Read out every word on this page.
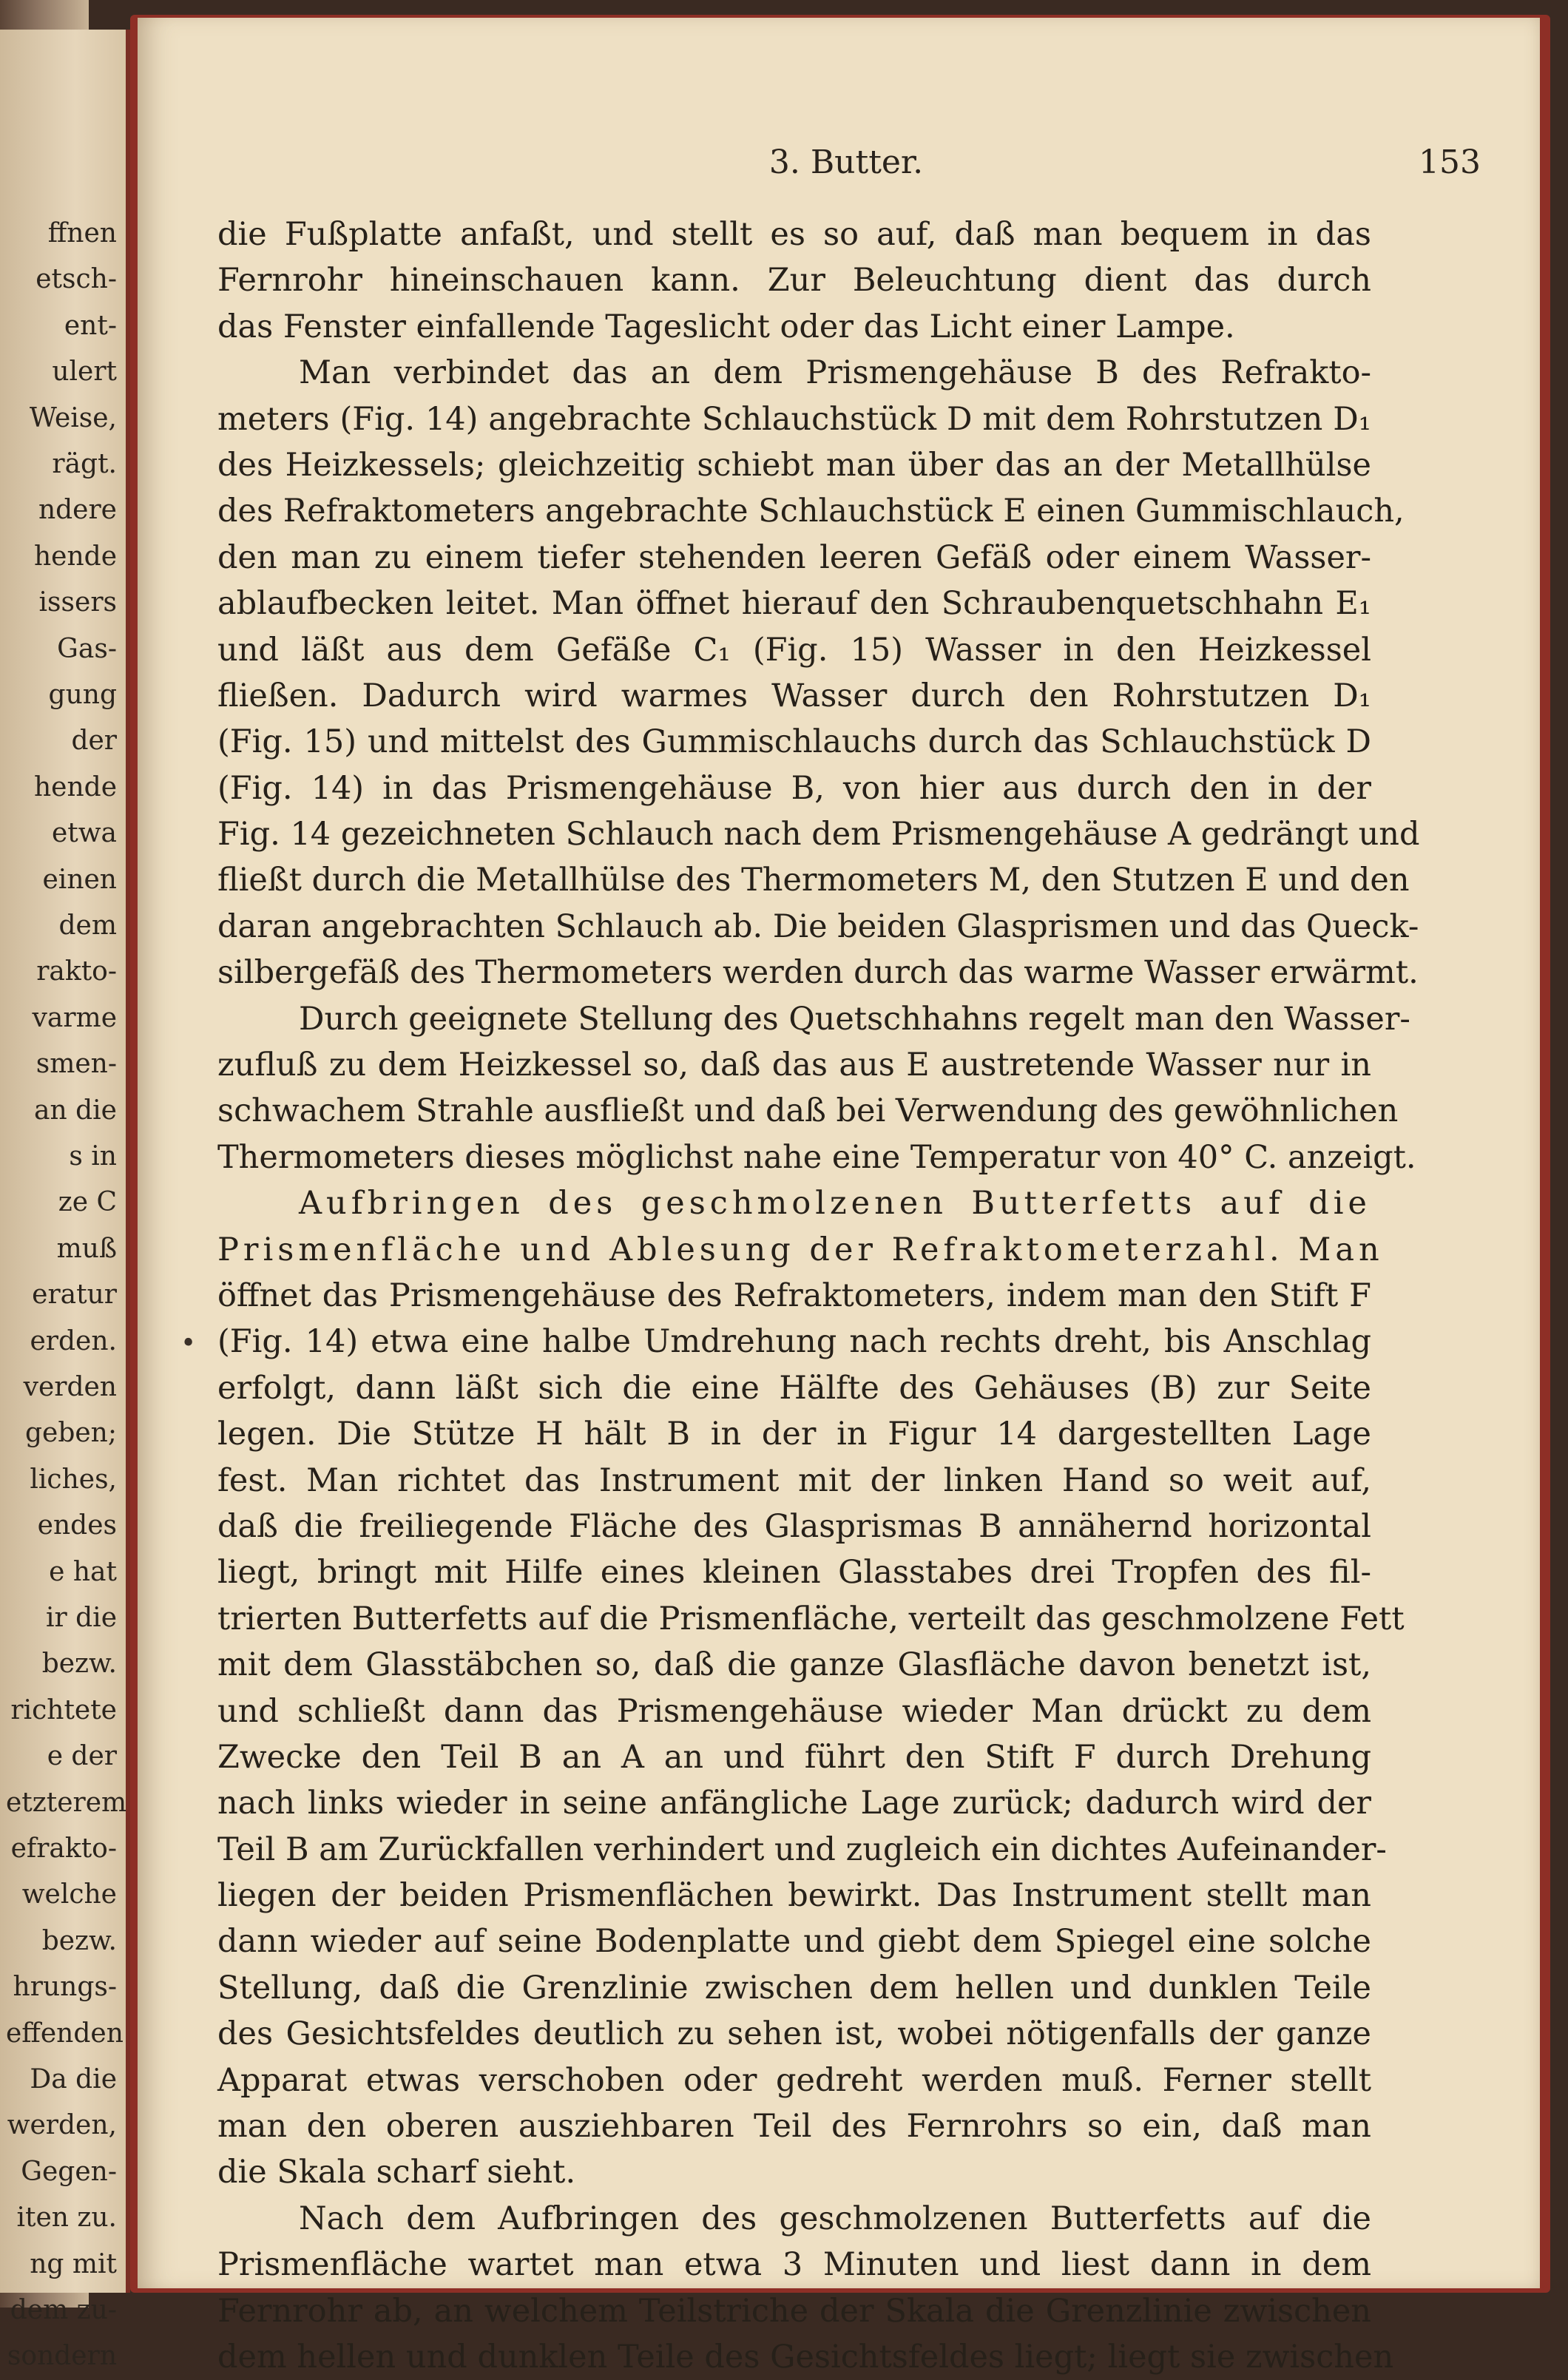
ffnen
etsch-
ent-
ulert
Weise,
rägt.
ndere
hende
issers
Gas-
gung
der
hende
etwa
einen
dem
rakto-
varme
smen-
an die
s in
ze C
muß
eratur
erden.
verden
geben;
liches,
endes
e hat
ir die
bezw.
richtete
e der
etzterem
efrakto-
welche
bezw.
hrungs-
effenden
Da die
werden,
Gegen-
iten zu.
ng mit
dem zu-
sondern
3. Butter.	153
•
die Fußplatte anfaßt, und stellt es so auf, daß man bequem in das
Fernrohr hineinschauen kann. Zur Beleuchtung dient das durch
das Fenster einfallende Tageslicht oder das Licht einer Lampe.
Man verbindet das an dem Prismengehäuse B des Refrakto-
meters (Fig. 14) angebrachte Schlauchstück D mit dem Rohrstutzen D₁
des Heizkessels; gleichzeitig schiebt man über das an der Metallhülse
des Refraktometers angebrachte Schlauchstück E einen Gummischlauch,
den man zu einem tiefer stehenden leeren Gefäß oder einem Wasser-
ablaufbecken leitet. Man öffnet hierauf den Schraubenquetschhahn E₁
und läßt aus dem Gefäße C₁ (Fig. 15) Wasser in den Heizkessel
fließen. Dadurch wird warmes Wasser durch den Rohrstutzen D₁
(Fig. 15) und mittelst des Gummischlauchs durch das Schlauchstück D
(Fig. 14) in das Prismengehäuse B, von hier aus durch den in der
Fig. 14 gezeichneten Schlauch nach dem Prismengehäuse A gedrängt und
fließt durch die Metallhülse des Thermometers M, den Stutzen E und den
daran angebrachten Schlauch ab. Die beiden Glasprismen und das Queck-
silbergefäß des Thermometers werden durch das warme Wasser erwärmt.
Durch geeignete Stellung des Quetschhahns regelt man den Wasser-
zufluß zu dem Heizkessel so, daß das aus E austretende Wasser nur in
schwachem Strahle ausfließt und daß bei Verwendung des gewöhnlichen
Thermometers dieses möglichst nahe eine Temperatur von 40° C. anzeigt.
Aufbringen des geschmolzenen Butterfetts auf die
Prismenfläche und Ablesung der Refraktometerzahl. Man
öffnet das Prismengehäuse des Refraktometers, indem man den Stift F
(Fig. 14) etwa eine halbe Umdrehung nach rechts dreht, bis Anschlag
erfolgt, dann läßt sich die eine Hälfte des Gehäuses (B) zur Seite
legen. Die Stütze H hält B in der in Figur 14 dargestellten Lage
fest. Man richtet das Instrument mit der linken Hand so weit auf,
daß die freiliegende Fläche des Glasprismas B annähernd horizontal
liegt, bringt mit Hilfe eines kleinen Glasstabes drei Tropfen des fil-
trierten Butterfetts auf die Prismenfläche, verteilt das geschmolzene Fett
mit dem Glasstäbchen so, daß die ganze Glasfläche davon benetzt ist,
und schließt dann das Prismengehäuse wieder Man drückt zu dem
Zwecke den Teil B an A an und führt den Stift F durch Drehung
nach links wieder in seine anfängliche Lage zurück; dadurch wird der
Teil B am Zurückfallen verhindert und zugleich ein dichtes Aufeinander-
liegen der beiden Prismenflächen bewirkt. Das Instrument stellt man
dann wieder auf seine Bodenplatte und giebt dem Spiegel eine solche
Stellung, daß die Grenzlinie zwischen dem hellen und dunklen Teile
des Gesichtsfeldes deutlich zu sehen ist, wobei nötigenfalls der ganze
Apparat etwas verschoben oder gedreht werden muß. Ferner stellt
man den oberen ausziehbaren Teil des Fernrohrs so ein, daß man
die Skala scharf sieht.
Nach dem Aufbringen des geschmolzenen Butterfetts auf die
Prismenfläche wartet man etwa 3 Minuten und liest dann in dem
Fernrohr ab, an welchem Teilstriche der Skala die Grenzlinie zwischen
dem hellen und dunklen Teile des Gesichtsfeldes liegt; liegt sie zwischen
